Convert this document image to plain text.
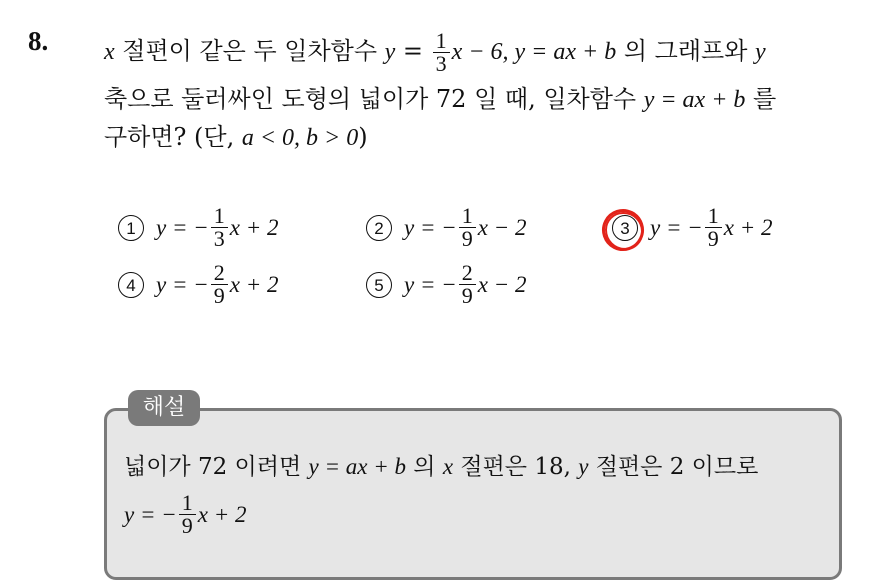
8. x 절편이 같은 두 일차함수 $y = \frac{1}{3}$ x − 6, y = ax + b 의 그래프와 y
축으로 둘러싸인 도형의 넓이가 72 일 때, 일차함수 y = ax + b 를
구하면? (단, a < 0, b > 0)
1 y = − $\frac{1}{3}$ x + 2	2 y = − $\frac{1}{9}$ x − 2	3 y = − $\frac{1}{9}$ x + 2
4 y = − $\frac{2}{9}$ x + 2	5 y = − $\frac{2}{9}$ x − 2
해설
넓이가 72 이려면 y = ax + b 의 x 절편은 18, y 절편은 2 이므로
y = − $\frac{1}{9}$ x + 2
